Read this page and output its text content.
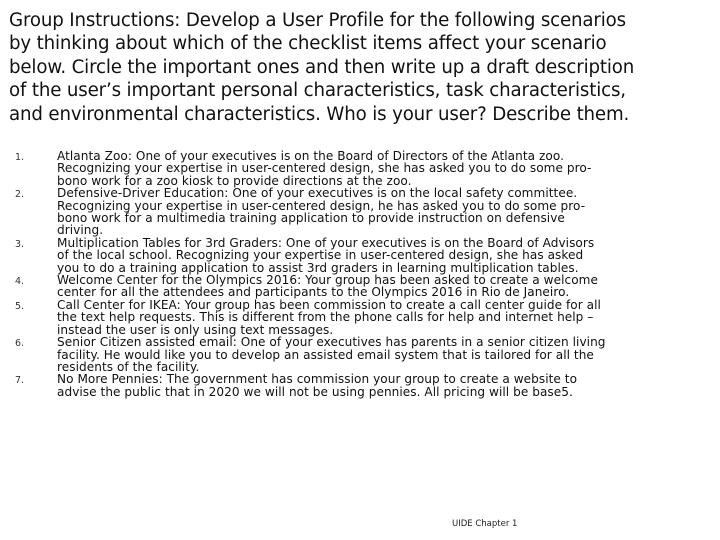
Group Instructions: Develop a User Profile for the following scenarios
by thinking about which of the checklist items affect your scenario
below. Circle the important ones and then write up a draft description
of the user’s important personal characteristics, task characteristics,
and environmental characteristics. Who is your user? Describe them.
1.	Atlanta Zoo: One of your executives is on the Board of Directors of the Atlanta zoo.
Recognizing your expertise in user-centered design, she has asked you to do some pro-
bono work for a zoo kiosk to provide directions at the zoo.
2.	Defensive-Driver Education: One of your executives is on the local safety committee.
Recognizing your expertise in user-centered design, he has asked you to do some pro-
bono work for a multimedia training application to provide instruction on defensive
driving.
3.	Multiplication Tables for 3rd Graders: One of your executives is on the Board of Advisors
of the local school. Recognizing your expertise in user-centered design, she has asked
you to do a training application to assist 3rd graders in learning multiplication tables.
4.	Welcome Center for the Olympics 2016: Your group has been asked to create a welcome
center for all the attendees and participants to the Olympics 2016 in Rio de Janeiro.
5.	Call Center for IKEA: Your group has been commission to create a call center guide for all
the text help requests. This is different from the phone calls for help and internet help –
instead the user is only using text messages.
6.	Senior Citizen assisted email: One of your executives has parents in a senior citizen living
facility. He would like you to develop an assisted email system that is tailored for all the
residents of the facility.
7.	No More Pennies: The government has commission your group to create a website to
advise the public that in 2020 we will not be using pennies. All pricing will be base5.
UIDE Chapter 1
